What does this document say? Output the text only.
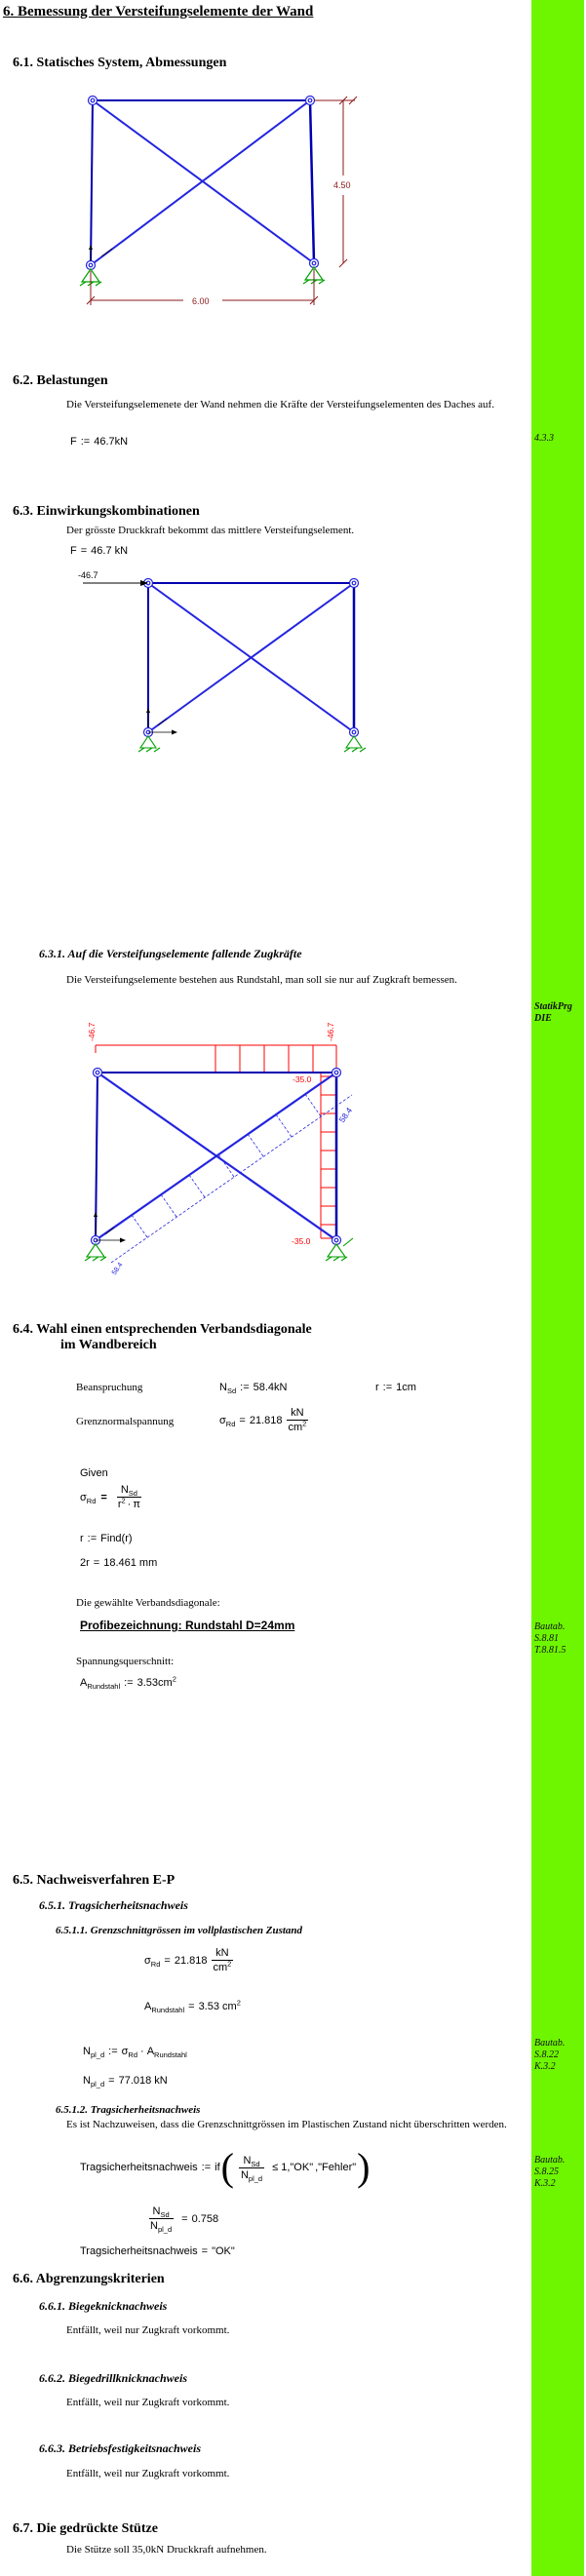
4.3.3
StatikPrg
DIE
Bautab.
S.8.81
T.8.81.5
Bautab.
S.8.22
K.3.2
Bautab.
S.8.25
K.3.2
6. Bemessung der Versteifungselemente der Wand
6.1. Statisches System, Abmessungen
4.50
6.00
6.2. Belastungen
Die Versteifungselemenete der Wand nehmen die Kräfte der Versteifungselementen des Daches auf.
F := 46.7kN
6.3. Einwirkungskombinationen
Der grösste Druckkraft bekommt das mittlere Versteifungselement.
F = 46.7 kN
-46.7
6.3.1. Auf die Versteifungselemente fallende Zugkräfte
Die Versteifungselemente bestehen aus Rundstahl, man soll sie nur auf Zugkraft bemessen.
-46.7	-46.7
-35.0
-35.0
58.4
58.4
6.4. Wahl einen entsprechenden Verbandsdiagonale
im Wandbereich
Beanspruchung	$N_{Sd}$ := 58.4kN	r := 1cm
Grenznormalspannung	$\sigma_{Rd} = 21.818 \frac{kN}{cm^2}$
Given
$\sigma_{Rd} = \frac{N_{Sd}}{r^2 \cdot \pi}$
r := Find(r)
2r = 18.461 mm
Die gewählte Verbandsdiagonale:
Profibezeichnung: Rundstahl D=24mm
Spannungsquerschnitt:
$A_{Rundstahl}$ := $3.53cm^2$
6.5. Nachweisverfahren E-P
6.5.1. Tragsicherheitsnachweis
6.5.1.1. Grenzschnittgrössen im vollplastischen Zustand
$\sigma_{Rd} = 21.818 \frac{kN}{cm^2}$
$A_{Rundstahl} = 3.53$ $cm^2$
$N_{pl\_d}$ := $\sigma_{Rd} \cdot A_{Rundstahl}$
$N_{pl\_d} = 77.018$ kN
6.5.1.2. Tragsicherheitsnachweis
Es ist Nachzuweisen, dass die Grenzschnittgrössen im Plastischen Zustand nicht überschritten werden.
Tragsicherheitsnachweis := if ( $\frac{N_{Sd}}{N_{pl\_d}} \le 1$ , "OK" , "Fehler" )
$\frac{N_{Sd}}{N_{pl\_d}} = 0.758$
Tragsicherheitsnachweis = "OK"
6.6. Abgrenzungskriterien
6.6.1. Biegeknicknachweis
Entfällt, weil nur Zugkraft vorkommt.
6.6.2. Biegedrillknicknachweis
Entfällt, weil nur Zugkraft vorkommt.
6.6.3. Betriebsfestigkeitsnachweis
Entfällt, weil nur Zugkraft vorkommt.
6.7. Die gedrückte Stütze
Die Stütze soll 35,0kN Druckkraft aufnehmen.
